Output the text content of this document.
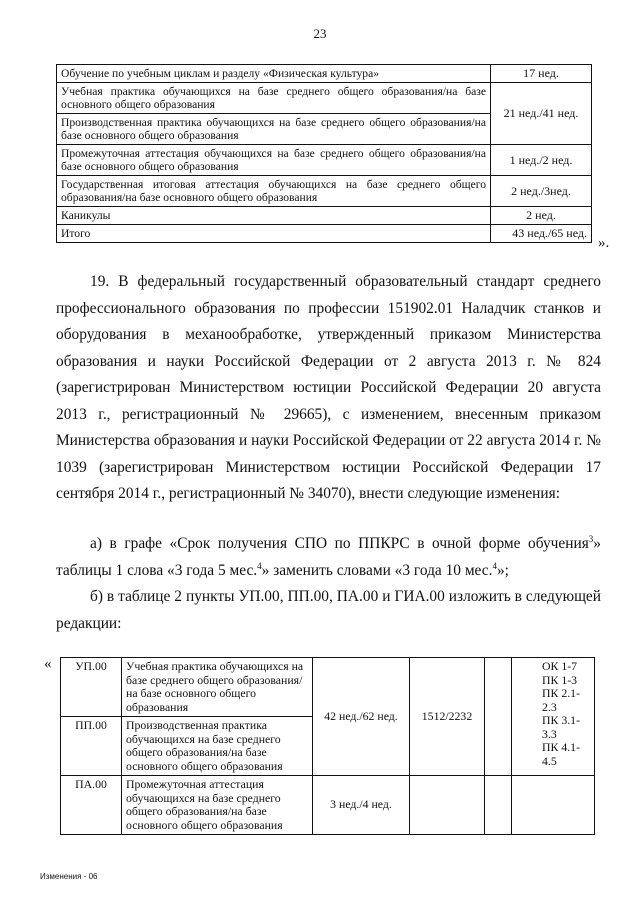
23
Обучение по учебным циклам и разделу «Физическая культура»	17 нед.
Учебная практика обучающихся на базе среднего общего образования/на базе основного общего образования	21 нед./41 нед.
Производственная практика обучающихся на базе среднего общего образования/на базе основного общего образования	
Промежуточная аттестация обучающихся на базе среднего общего образования/на базе основного общего образования	1 нед./2 нед.
Государственная итоговая аттестация обучающихся на базе среднего общего образования/на базе основного общего образования	2 нед./3нед.
Каникулы	2 нед.
Итого	43 нед./65 нед.
».
19. В федеральный государственный образовательный стандарт среднего профессионального образования по профессии 151902.01 Наладчик станков и оборудования в механообработке, утвержденный приказом Министерства образования и науки Российской Федерации от 2 августа 2013 г. № 824 (зарегистрирован Министерством юстиции Российской Федерации 20 августа 2013 г., регистрационный № 29665), с изменением, внесенным приказом Министерства образования и науки Российской Федерации от 22 августа 2014 г. № 1039 (зарегистрирован Министерством юстиции Российской Федерации 17 сентября 2014 г., регистрационный № 34070), внести следующие изменения:
а) в графе «Срок получения СПО по ППКРС в очной форме обучения$^3$» таблицы 1 слова «3 года 5 мес.$^4$» заменить словами «3 года 10 мес.$^4$»;
б) в таблице 2 пункты УП.00, ПП.00, ПА.00 и ГИА.00 изложить в следующей редакции:
« УП.00	Учебная практика обучающихся на базе среднего общего образования/на базе основного общего образования	42 нед./62 нед.	1512/2232		ОК 1-7
ПК 1-3
ПК 2.1-2.3
ПК 3.1-3.3
ПК 4.1-4.5

ПП.00	Производственная практика обучающихся на базе среднего общего образования/на базе основного общего образования				
ПА.00	Промежуточная аттестация обучающихся на базе среднего общего образования/на базе основного общего образования	3 нед./4 нед.			
Изменения - 06
